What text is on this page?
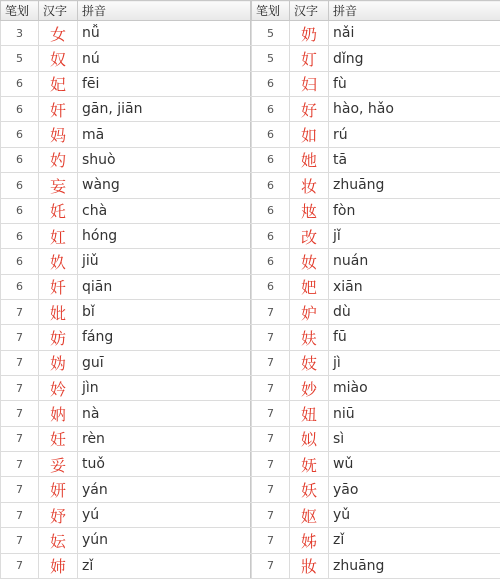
笔划	汉字	拼音
3	女	nǚ
5	奴	nú
6	妃	fēi
6	奸	gān, jiān
6	妈	mā
6	妁	shuò
6	妄	wàng
6	奼	chà
6	妅	hóng
6	奺	jiǔ
6	奷	qiān
7	妣	bǐ
7	妨	fáng
7	妫	guī
7	妗	jìn
7	妠	nà
7	妊	rèn
7	妥	tuǒ
7	妍	yán
7	妤	yú
7	妘	yún
7	姉	zǐ
笔划	汉字	拼音
5	奶	nǎi
5	奵	dǐng
6	妇	fù
6	好	hào, hǎo
6	如	rú
6	她	tā
6	妆	zhuāng
6	奿	fòn
6	改	jǐ
6	奻	nuán
6	妑	xiān
7	妒	dù
7	妋	fū
7	妓	jì
7	妙	miào
7	妞	niū
7	姒	sì
7	妩	wǔ
7	妖	yāo
7	妪	yǔ
7	姊	zǐ
7	妝	zhuāng
